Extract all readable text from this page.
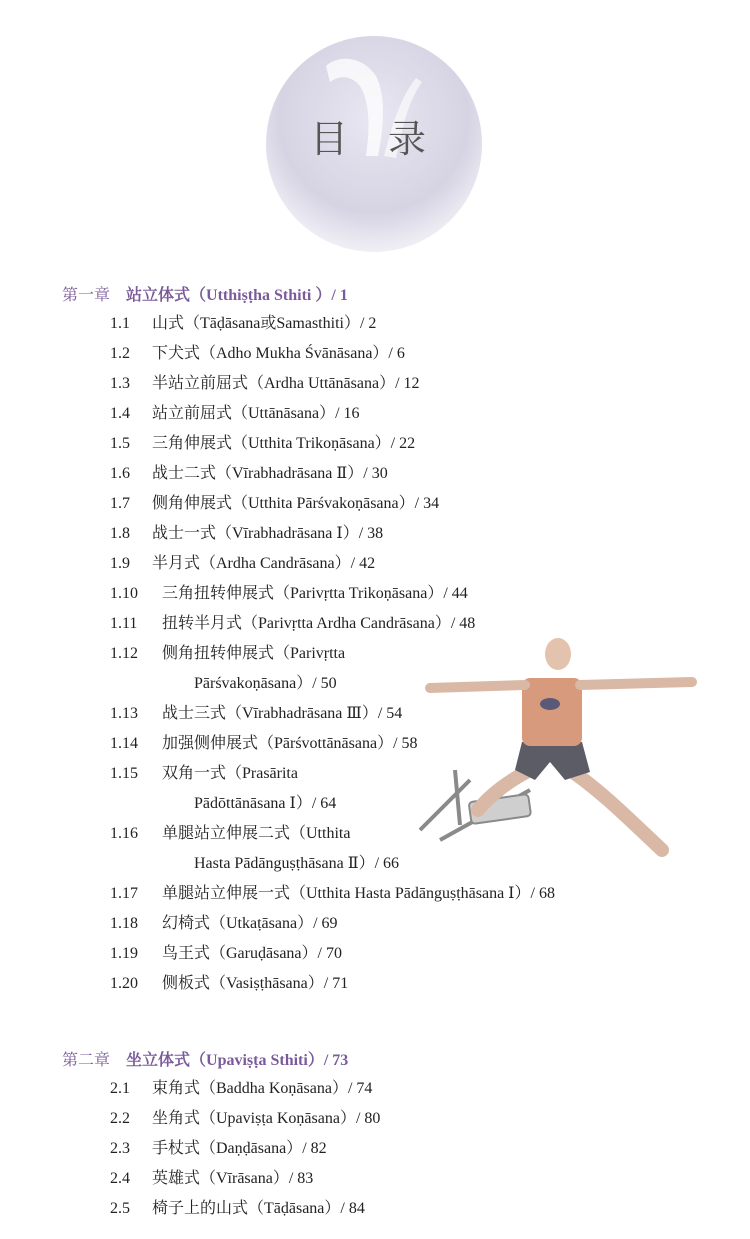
目 录
第一章 站立体式（Utthiṣṭha Sthiti ）/ 1
1.1 山式（Tāḍāsana或Samasthiti）/ 2
1.2 下犬式（Adho Mukha Śvānāsana）/ 6
1.3 半站立前屈式（Ardha Uttānāsana）/ 12
1.4 站立前屈式（Uttānāsana）/ 16
1.5 三角伸展式（Utthita Trikoṇāsana）/ 22
1.6 战士二式（Vīrabhadrāsana Ⅱ）/ 30
1.7 侧角伸展式（Utthita Pārśvakoṇāsana）/ 34
1.8 战士一式（Vīrabhadrāsana Ⅰ）/ 38
1.9 半月式（Ardha Candrāsana）/ 42
1.10 三角扭转伸展式（Parivṛtta Trikoṇāsana）/ 44
1.11 扭转半月式（Parivṛtta Ardha Candrāsana）/ 48
1.12 侧角扭转伸展式（Parivṛtta
Pārśvakoṇāsana）/ 50
1.13 战士三式（Vīrabhadrāsana Ⅲ）/ 54
1.14 加强侧伸展式（Pārśvottānāsana）/ 58
1.15 双角一式（Prasārita
Pādōttānāsana Ⅰ）/ 64
1.16 单腿站立伸展二式（Utthita
Hasta Pādānguṣṭhāsana Ⅱ）/ 66
1.17 单腿站立伸展一式（Utthita Hasta Pādānguṣṭhāsana Ⅰ）/ 68
1.18 幻椅式（Utkaṭāsana）/ 69
1.19 鸟王式（Garuḍāsana）/ 70
1.20 侧板式（Vasiṣṭhāsana）/ 71
第二章 坐立体式（Upaviṣṭa Sthiti）/ 73
2.1 束角式（Baddha Koṇāsana）/ 74
2.2 坐角式（Upaviṣṭa Koṇāsana）/ 80
2.3 手杖式（Daṇḍāsana）/ 82
2.4 英雄式（Vīrāsana）/ 83
2.5 椅子上的山式（Tāḍāsana）/ 84
